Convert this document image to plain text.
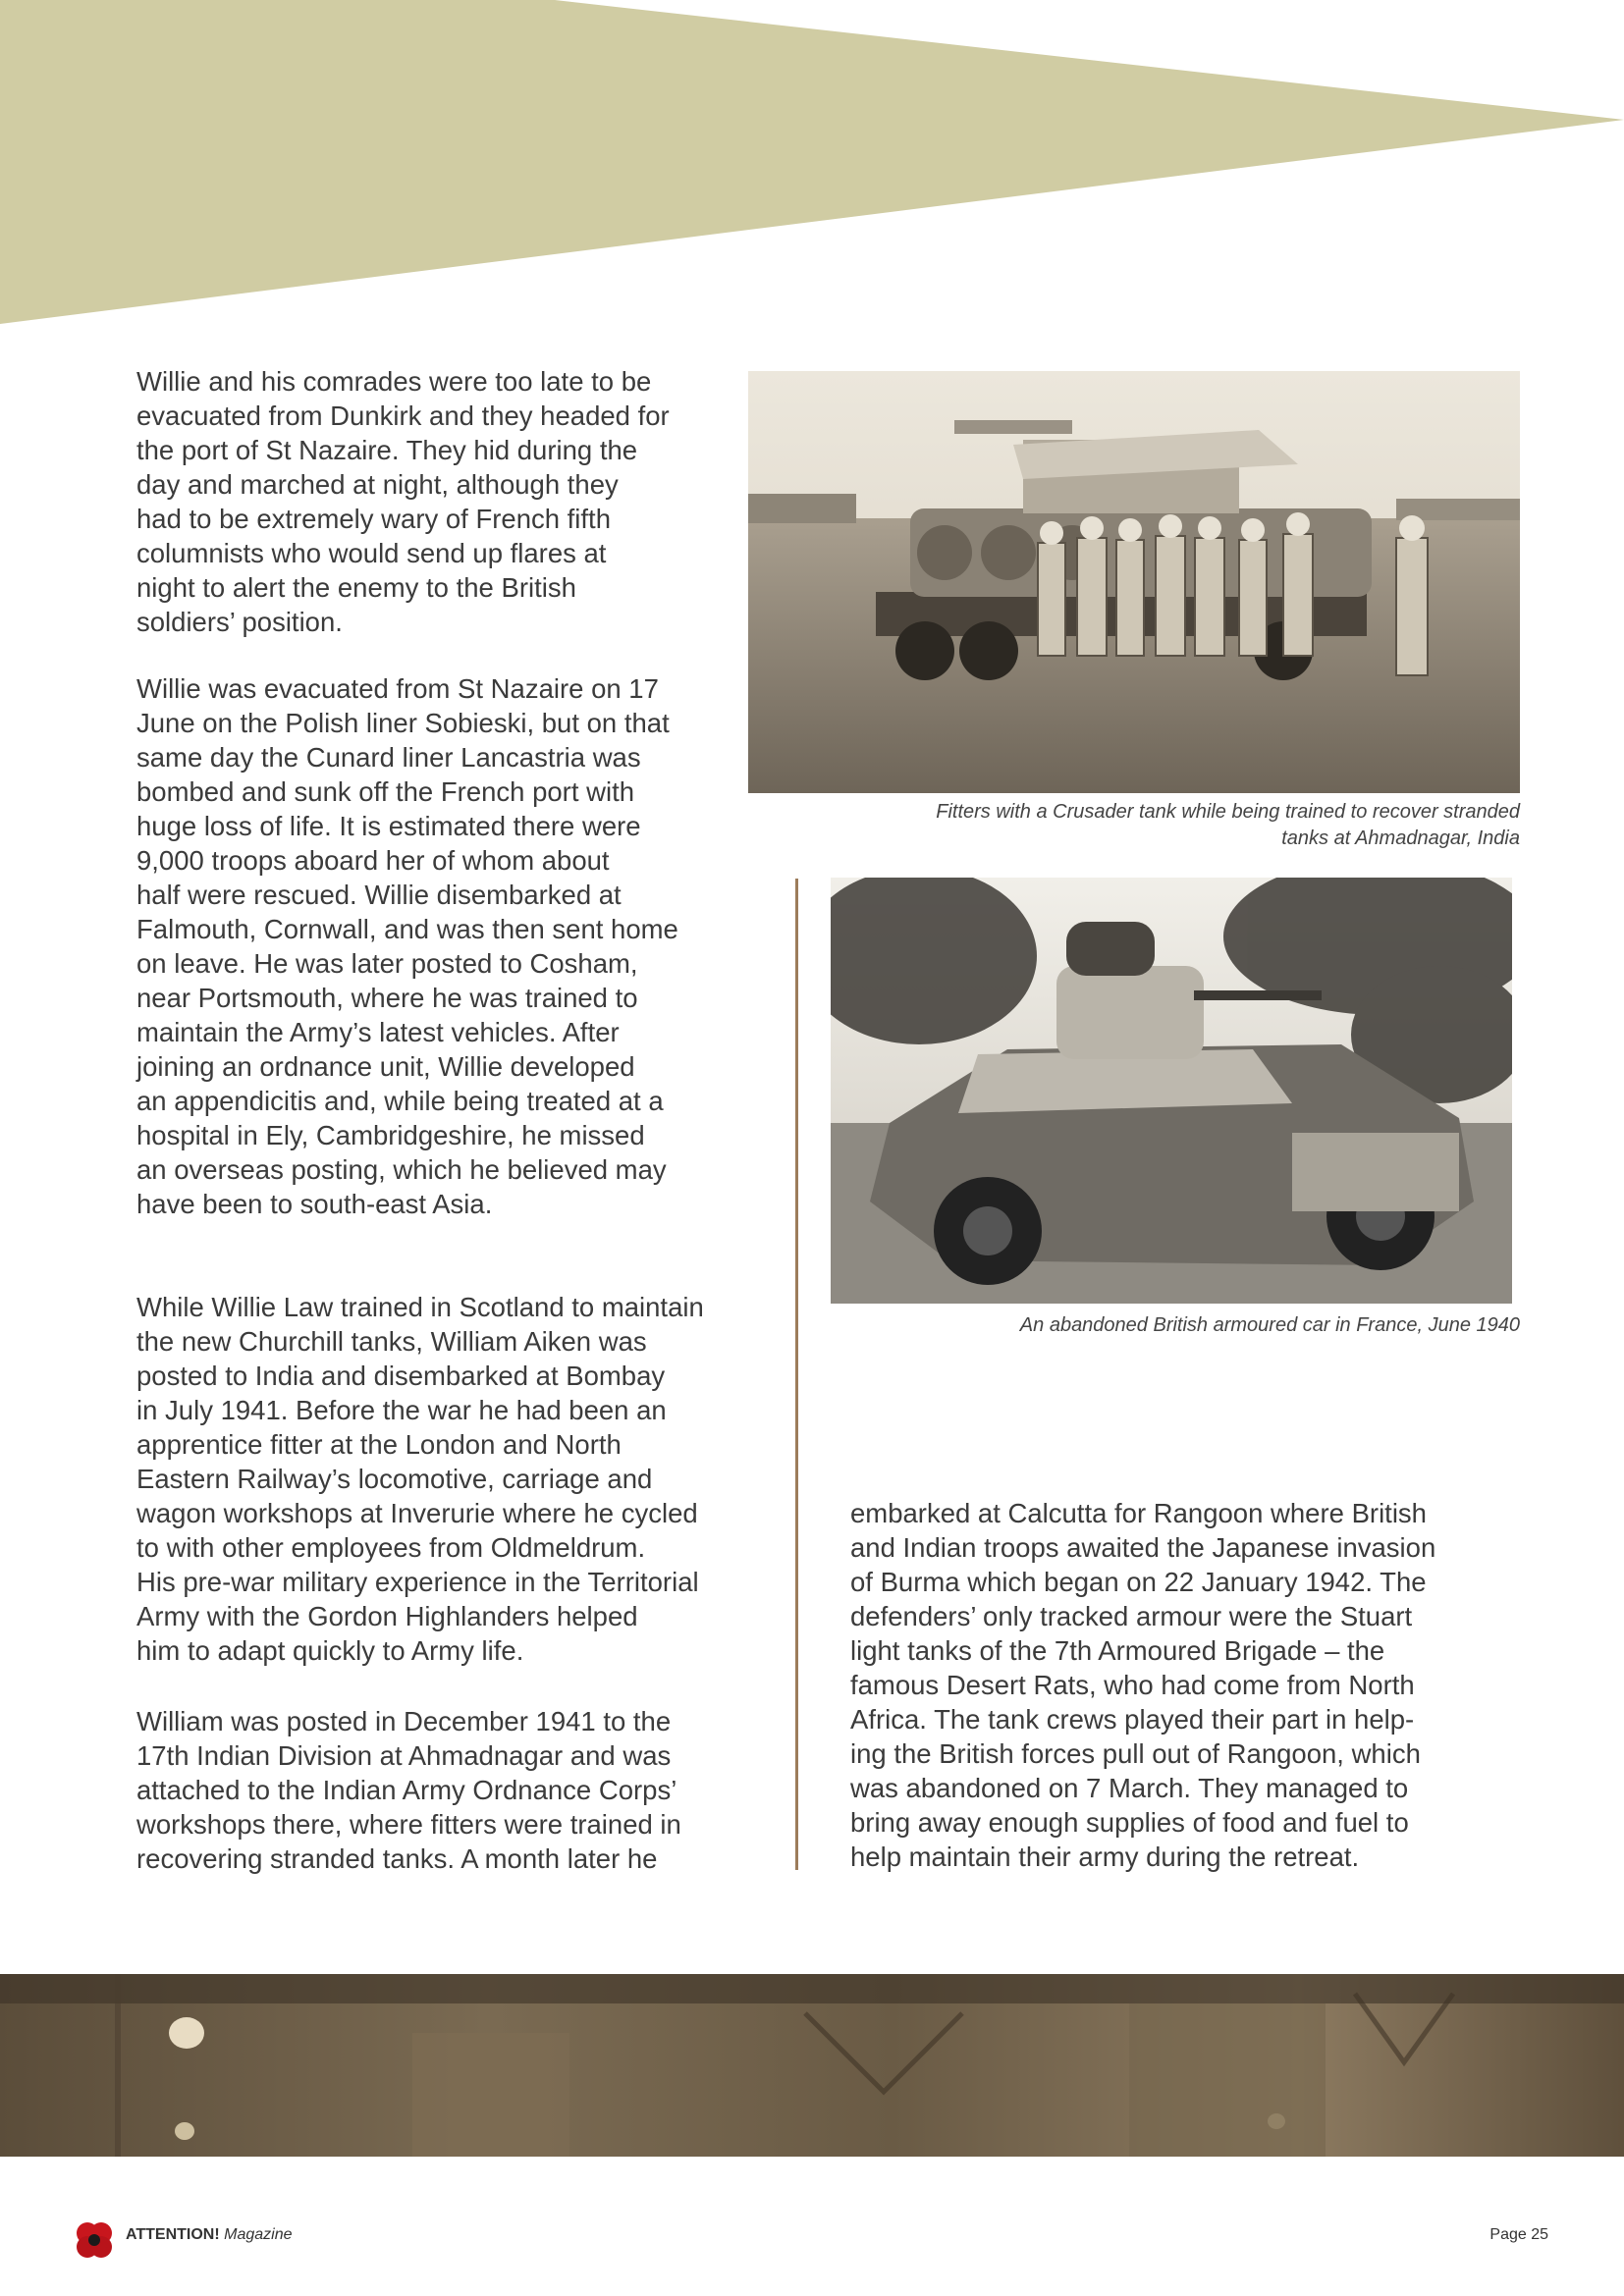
Willie and his comrades were too late to be

evacuated from Dunkirk and they headed for

the port of St Nazaire. They hid during the

day and marched at night, although they

had to be extremely wary of French fifth

columnists who would send up flares at

night to alert the enemy to the British

soldiers’ position.

Willie was evacuated from St Nazaire on 17

June on the Polish liner Sobieski, but on that

same day the Cunard liner Lancastria was

bombed and sunk off the French port with

huge loss of life. It is estimated there were

9,000 troops aboard her of whom about

half were rescued. Willie disembarked at

Falmouth, Cornwall, and was then sent home

on leave. He was later posted to Cosham,

near Portsmouth, where he was trained to

maintain the Army’s latest vehicles. After

joining an ordnance unit, Willie developed

an appendicitis and, while being treated at a

hospital in Ely, Cambridgeshire, he missed

an overseas posting, which he believed may

have been to south-east Asia.

While Willie Law trained in Scotland to maintain

the new Churchill tanks, William Aiken was

posted to India and disembarked at Bombay

in July 1941. Before the war he had been an

apprentice fitter at the London and North

Eastern Railway’s locomotive, carriage and

wagon workshops at Inverurie where he cycled

to with other employees from Oldmeldrum.

His pre-war military experience in the Territorial

Army with the Gordon Highlanders helped

him to adapt quickly to Army life.

William was posted in December 1941 to the

17th Indian Division at Ahmadnagar and was

attached to the Indian Army Ordnance Corps’

workshops there, where fitters were trained in

recovering stranded tanks. A month later he

embarked at Calcutta for Rangoon where British

and Indian troops awaited the Japanese invasion

of Burma which began on 22 January 1942. The

defenders’ only tracked armour were the Stuart

light tanks of the 7th Armoured Brigade – the

famous Desert Rats, who had come from North

Africa. The tank crews played their part in help-

ing the British forces pull out of Rangoon, which

was abandoned on 7 March. They managed to

bring away enough supplies of food and fuel to

help maintain their army during the retreat.

Fitters with a Crusader tank while being trained to recover stranded
tanks at Ahmadnagar, India

An abandoned British armoured car in France, June 1940

ATTENTION! Magazine	Page 25
